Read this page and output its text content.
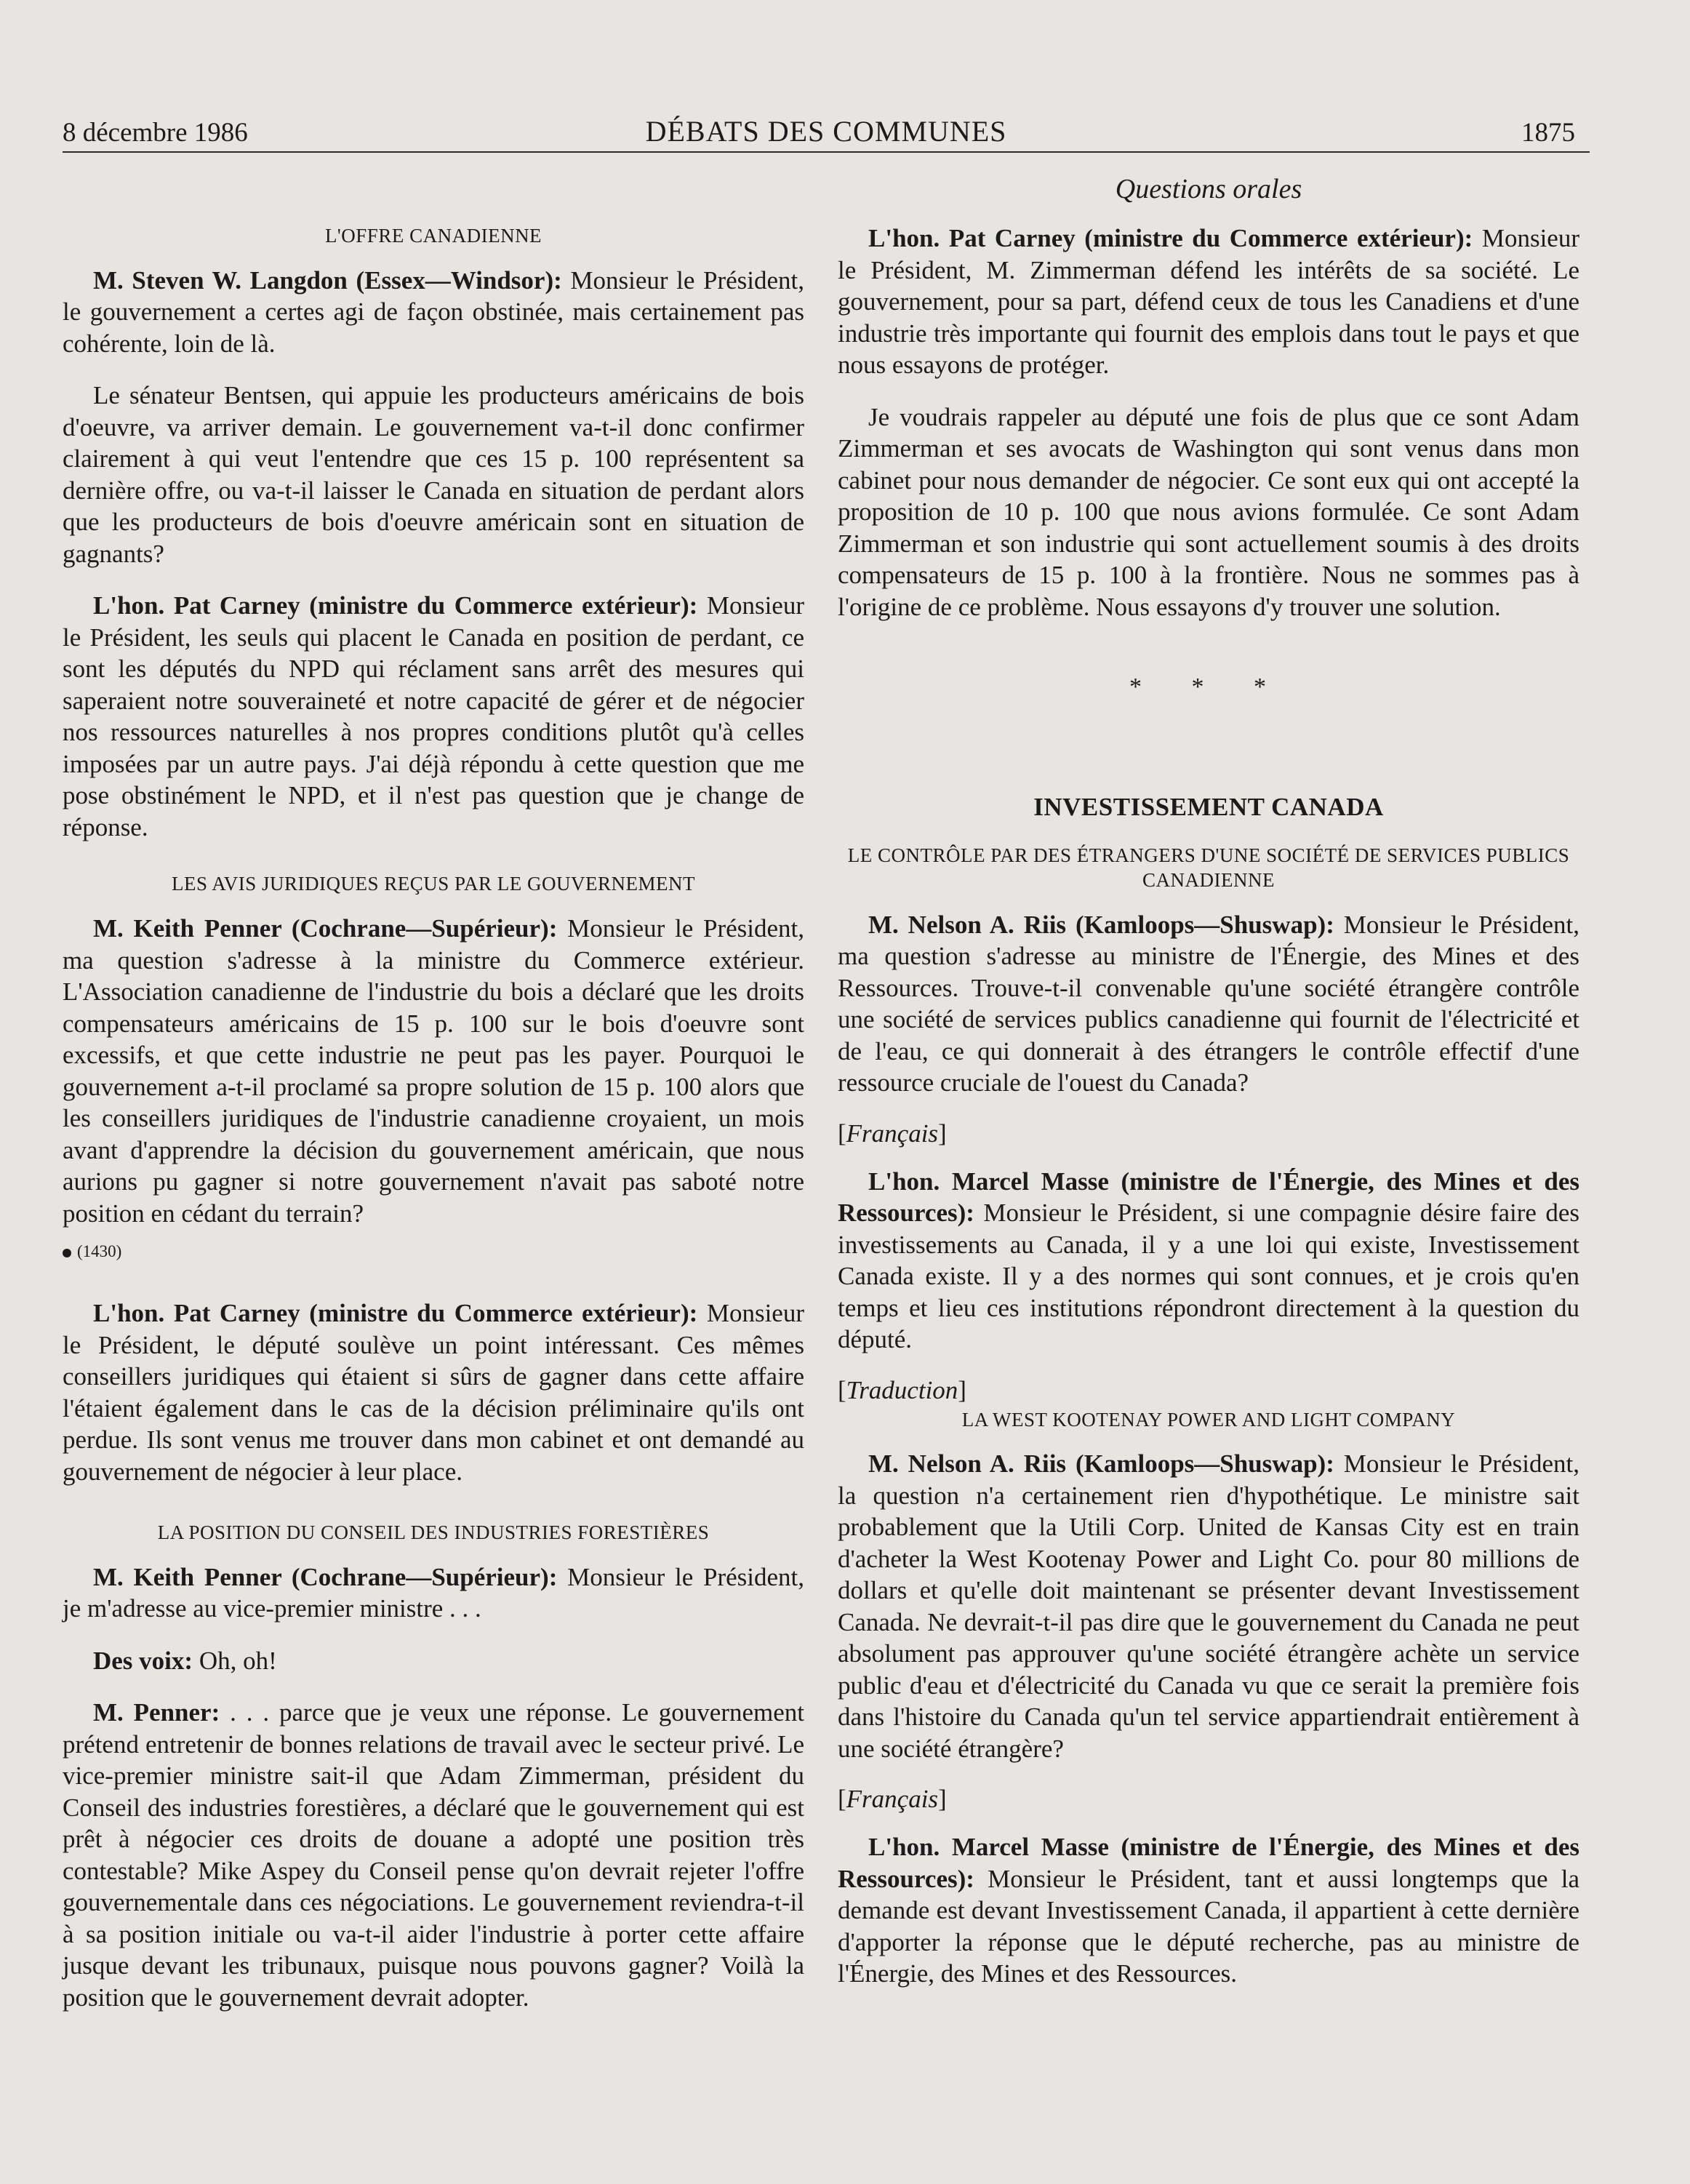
8 décembre 1986	DÉBATS DES COMMUNES	1875
L'OFFRE CANADIENNE

M. Steven W. Langdon (Essex—Windsor): Monsieur le Président, le gouvernement a certes agi de façon obstinée, mais certainement pas cohérente, loin de là.

Le sénateur Bentsen, qui appuie les producteurs américains de bois d'oeuvre, va arriver demain. Le gouvernement va-t-il donc confirmer clairement à qui veut l'entendre que ces 15 p. 100 représentent sa dernière offre, ou va-t-il laisser le Canada en situation de perdant alors que les producteurs de bois d'oeuvre américain sont en situation de gagnants?

L'hon. Pat Carney (ministre du Commerce extérieur): Monsieur le Président, les seuls qui placent le Canada en position de perdant, ce sont les députés du NPD qui réclament sans arrêt des mesures qui saperaient notre souveraineté et notre capacité de gérer et de négocier nos ressources naturelles à nos propres conditions plutôt qu'à celles imposées par un autre pays. J'ai déjà répondu à cette question que me pose obstinément le NPD, et il n'est pas question que je change de réponse.

LES AVIS JURIDIQUES REÇUS PAR LE GOUVERNEMENT

M. Keith Penner (Cochrane—Supérieur): Monsieur le Président, ma question s'adresse à la ministre du Commerce extérieur. L'Association canadienne de l'industrie du bois a déclaré que les droits compensateurs américains de 15 p. 100 sur le bois d'oeuvre sont excessifs, et que cette industrie ne peut pas les payer. Pourquoi le gouvernement a-t-il proclamé sa propre solution de 15 p. 100 alors que les conseillers juridiques de l'industrie canadienne croyaient, un mois avant d'apprendre la décision du gouvernement américain, que nous aurions pu gagner si notre gouvernement n'avait pas saboté notre position en cédant du terrain?

(1430)

L'hon. Pat Carney (ministre du Commerce extérieur): Monsieur le Président, le député soulève un point intéressant. Ces mêmes conseillers juridiques qui étaient si sûrs de gagner dans cette affaire l'étaient également dans le cas de la décision préliminaire qu'ils ont perdue. Ils sont venus me trouver dans mon cabinet et ont demandé au gouvernement de négocier à leur place.

LA POSITION DU CONSEIL DES INDUSTRIES FORESTIÈRES

M. Keith Penner (Cochrane—Supérieur): Monsieur le Président, je m'adresse au vice-premier ministre . . .

Des voix: Oh, oh!

M. Penner: . . . parce que je veux une réponse. Le gouvernement prétend entretenir de bonnes relations de travail avec le secteur privé. Le vice-premier ministre sait-il que Adam Zimmerman, président du Conseil des industries forestières, a déclaré que le gouvernement qui est prêt à négocier ces droits de douane a adopté une position très contestable? Mike Aspey du Conseil pense qu'on devrait rejeter l'offre gouvernementale dans ces négociations. Le gouvernement reviendra-t-il à sa position initiale ou va-t-il aider l'industrie à porter cette affaire jusque devant les tribunaux, puisque nous pouvons gagner? Voilà la position que le gouvernement devrait adopter.

Questions orales

L'hon. Pat Carney (ministre du Commerce extérieur): Monsieur le Président, M. Zimmerman défend les intérêts de sa société. Le gouvernement, pour sa part, défend ceux de tous les Canadiens et d'une industrie très importante qui fournit des emplois dans tout le pays et que nous essayons de protéger.

Je voudrais rappeler au député une fois de plus que ce sont Adam Zimmerman et ses avocats de Washington qui sont venus dans mon cabinet pour nous demander de négocier. Ce sont eux qui ont accepté la proposition de 10 p. 100 que nous avions formulée. Ce sont Adam Zimmerman et son industrie qui sont actuellement soumis à des droits compensateurs de 15 p. 100 à la frontière. Nous ne sommes pas à l'origine de ce problème. Nous essayons d'y trouver une solution.

* * *
INVESTISSEMENT CANADA
LE CONTRÔLE PAR DES ÉTRANGERS D'UNE SOCIÉTÉ DE SERVICES PUBLICS CANADIENNE

M. Nelson A. Riis (Kamloops—Shuswap): Monsieur le Président, ma question s'adresse au ministre de l'Énergie, des Mines et des Ressources. Trouve-t-il convenable qu'une société étrangère contrôle une société de services publics canadienne qui fournit de l'électricité et de l'eau, ce qui donnerait à des étrangers le contrôle effectif d'une ressource cruciale de l'ouest du Canada?

[Français]

L'hon. Marcel Masse (ministre de l'Énergie, des Mines et des Ressources): Monsieur le Président, si une compagnie désire faire des investissements au Canada, il y a une loi qui existe, Investissement Canada existe. Il y a des normes qui sont connues, et je crois qu'en temps et lieu ces institutions répondront directement à la question du député.

[Traduction]
LA WEST KOOTENAY POWER AND LIGHT COMPANY

M. Nelson A. Riis (Kamloops—Shuswap): Monsieur le Président, la question n'a certainement rien d'hypothétique. Le ministre sait probablement que la Utili Corp. United de Kansas City est en train d'acheter la West Kootenay Power and Light Co. pour 80 millions de dollars et qu'elle doit maintenant se présenter devant Investissement Canada. Ne devrait-t-il pas dire que le gouvernement du Canada ne peut absolument pas approuver qu'une société étrangère achète un service public d'eau et d'électricité du Canada vu que ce serait la première fois dans l'histoire du Canada qu'un tel service appartiendrait entièrement à une société étrangère?

[Français]

L'hon. Marcel Masse (ministre de l'Énergie, des Mines et des Ressources): Monsieur le Président, tant et aussi longtemps que la demande est devant Investissement Canada, il appartient à cette dernière d'apporter la réponse que le député recherche, pas au ministre de l'Énergie, des Mines et des Ressources.
